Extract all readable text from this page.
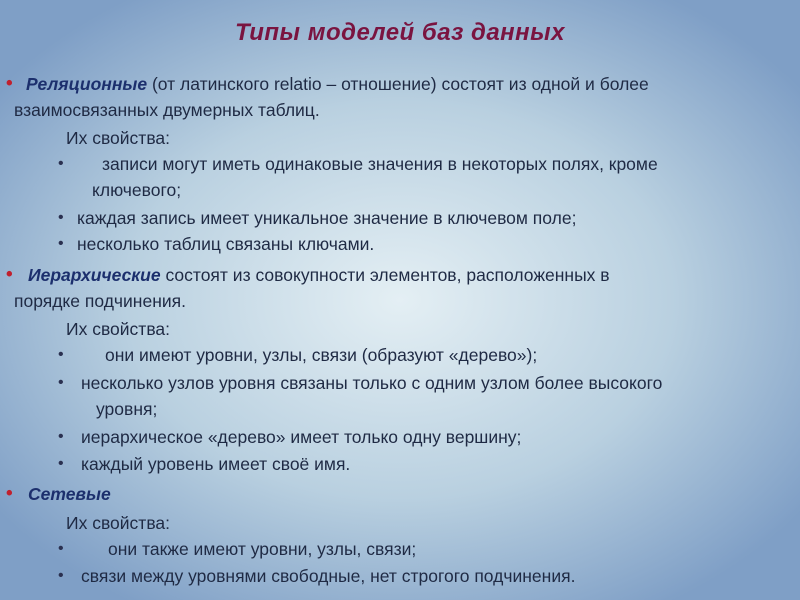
Типы моделей баз данных
• Реляционные (от латинского relatio – отношение) состоят из одной и более
взаимосвязанных двумерных таблиц.
Их свойства:
• записи могут иметь одинаковые значения в некоторых полях, кроме
ключевого;
• каждая запись имеет уникальное значение в ключевом поле;
• несколько таблиц связаны ключами.
• Иерархические состоят из совокупности элементов, расположенных в
порядке подчинения.
Их свойства:
• они имеют уровни, узлы, связи (образуют «дерево»);
• несколько узлов уровня связаны только с одним узлом более высокого
уровня;
• иерархическое «дерево» имеет только одну вершину;
• каждый уровень имеет своё имя.
• Сетевые
Их свойства:
•	они также имеют уровни, узлы, связи;
• связи между уровнями свободные, нет строгого подчинения.
